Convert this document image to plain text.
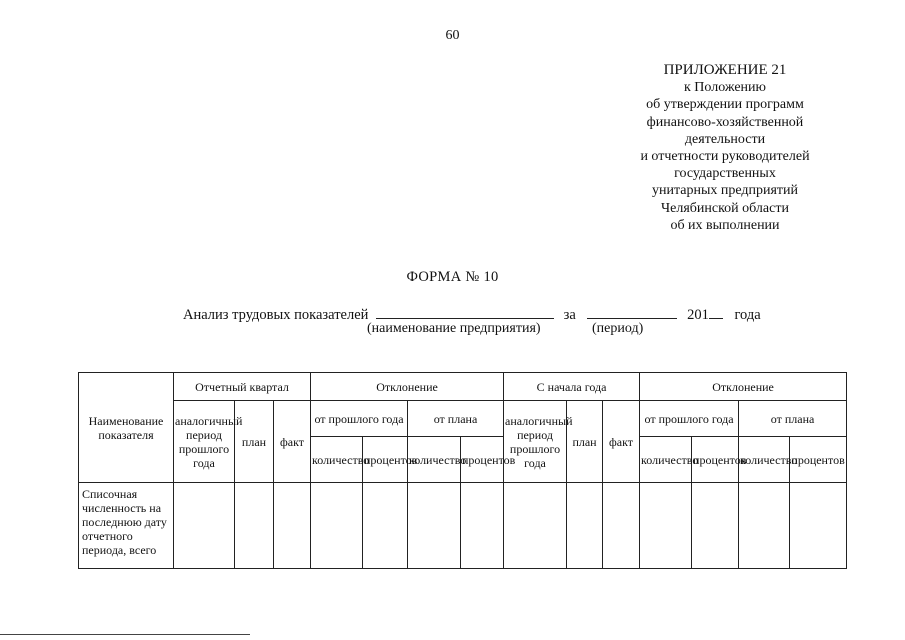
60
ПРИЛОЖЕНИЕ 21
к Положению
об утверждении программ
финансово-хозяйственной
деятельности
и отчетности руководителей
государственных
унитарных предприятий
Челябинской области
об их выполнении
ФОРМА № 10
Анализ трудовых показателей	за	201 года
(наименование предприятия)	(период)
Наименование показателя	Отчетный квартал			Отклонение				С начала года			Отклонение			
	аналогичный период прошлого года	план	факт	от прошлого года		от плана		аналогичный период прошлого года	план	факт	от прошлого года		от плана	
				количество	процентов	количество	процентов				количество	процентов	количество	процентов
Списочная численность на последнюю дату отчетного периода, всего														
